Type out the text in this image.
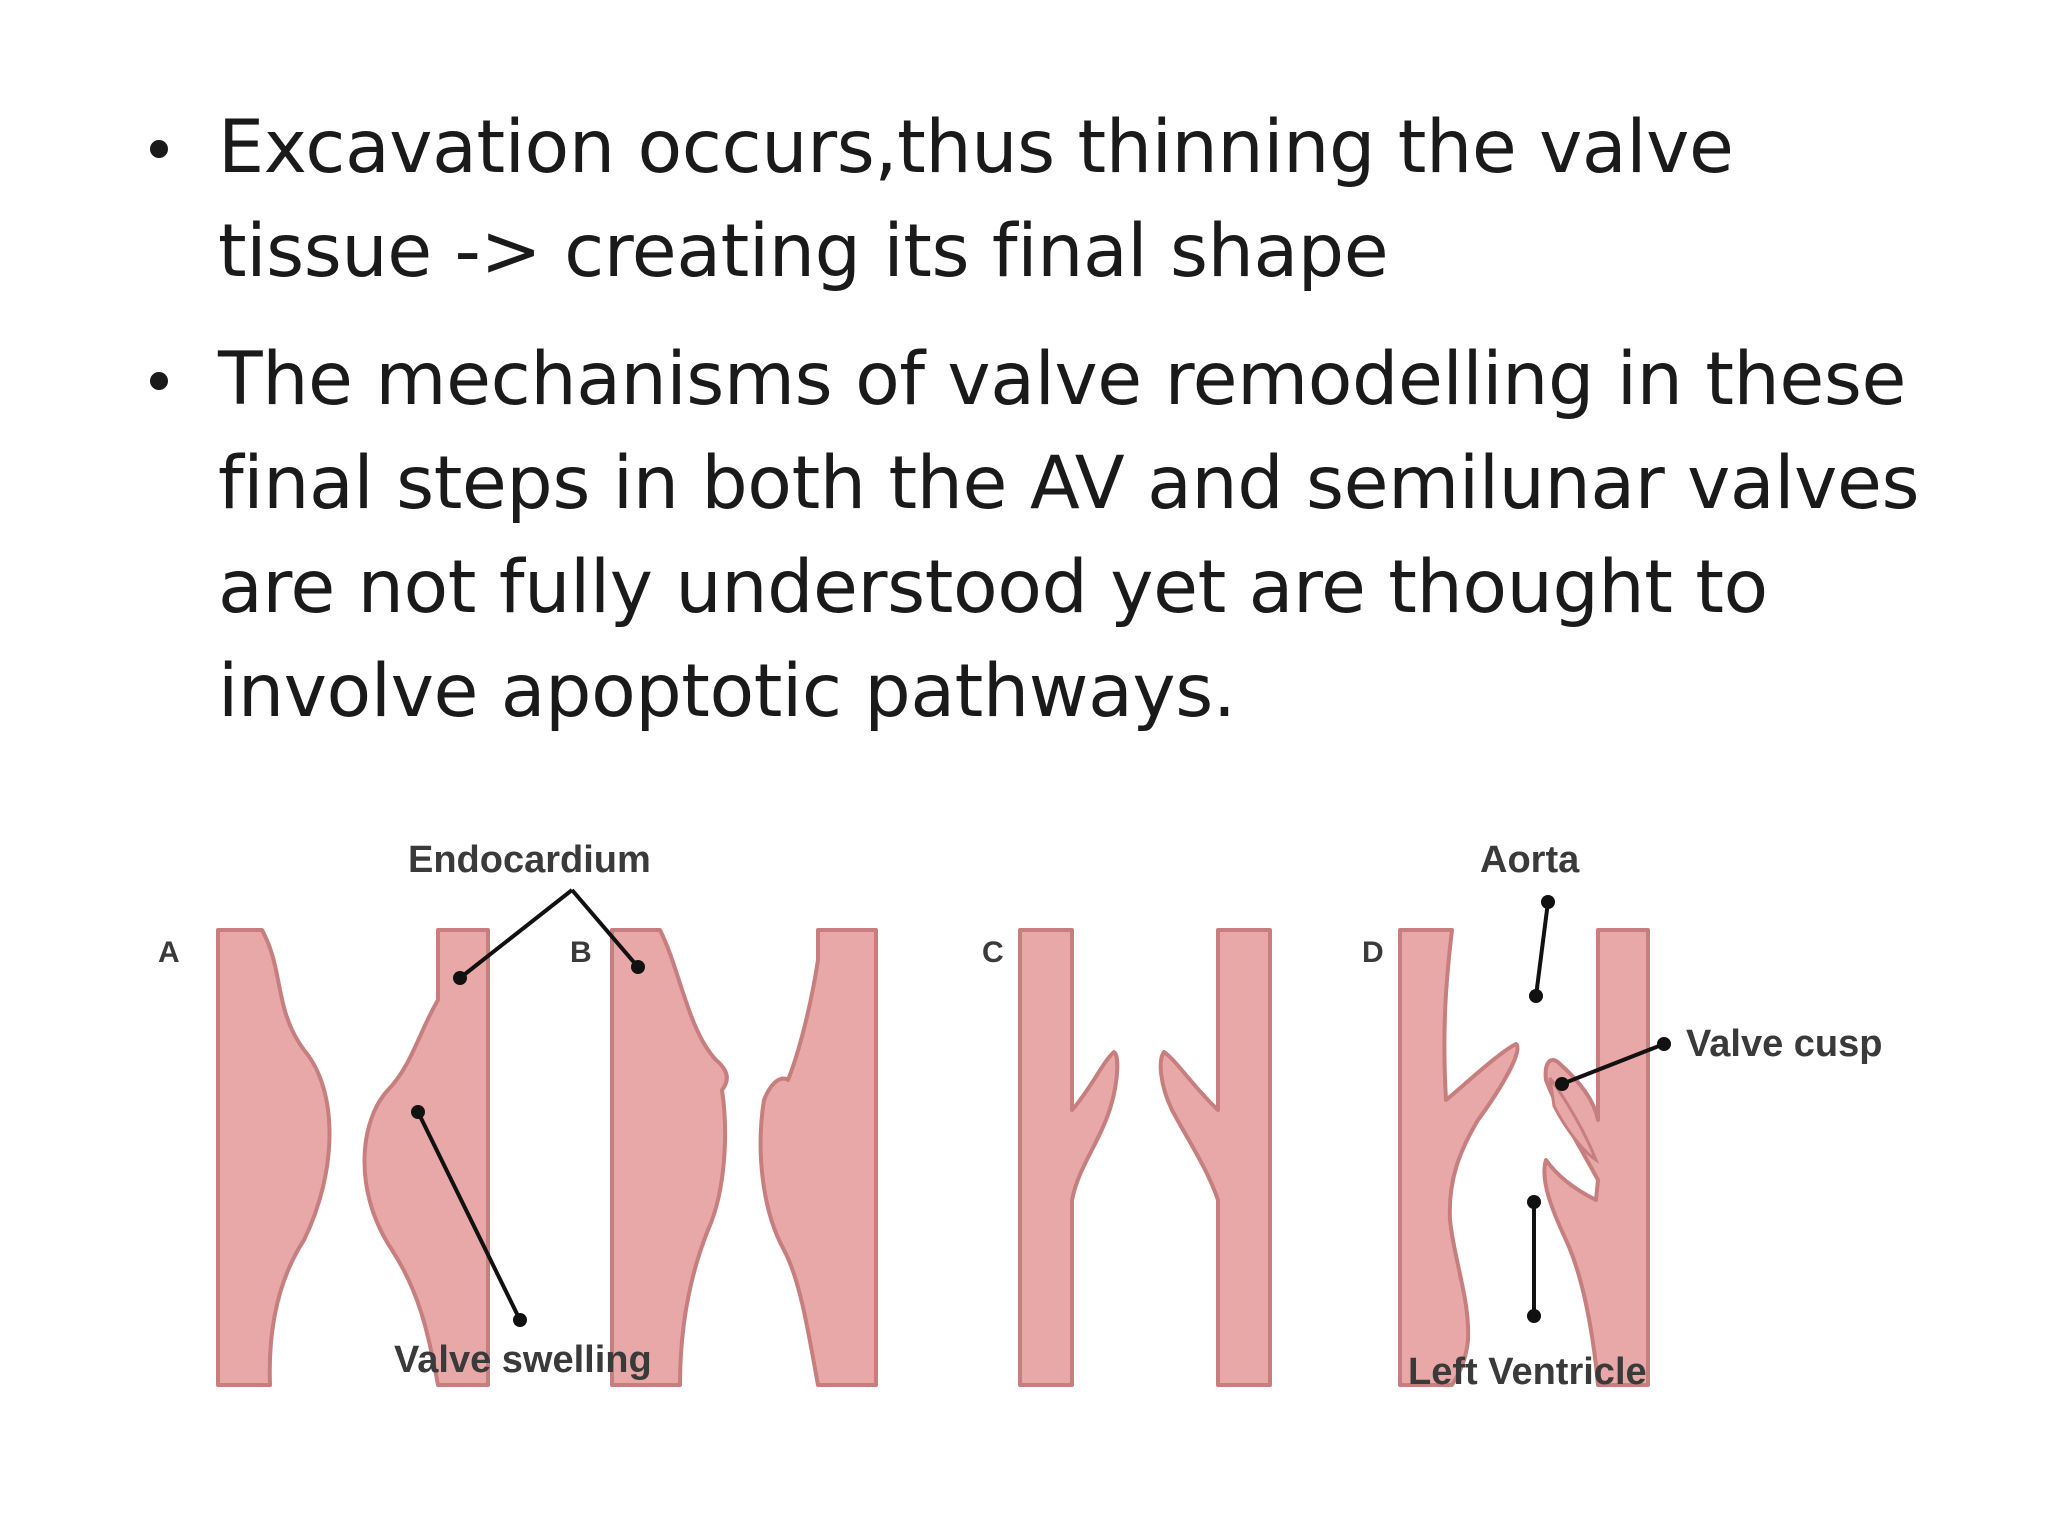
Excavation occurs,thus thinning the valve
tissue -> creating its final shape
The mechanisms of valve remodelling in these
final steps in both the AV and semilunar valves
are not fully understood yet are thought to
involve apoptotic pathways.
A	B	C	D
Endocardium
Valve swelling
Aorta
Valve cusp
Left Ventricle
